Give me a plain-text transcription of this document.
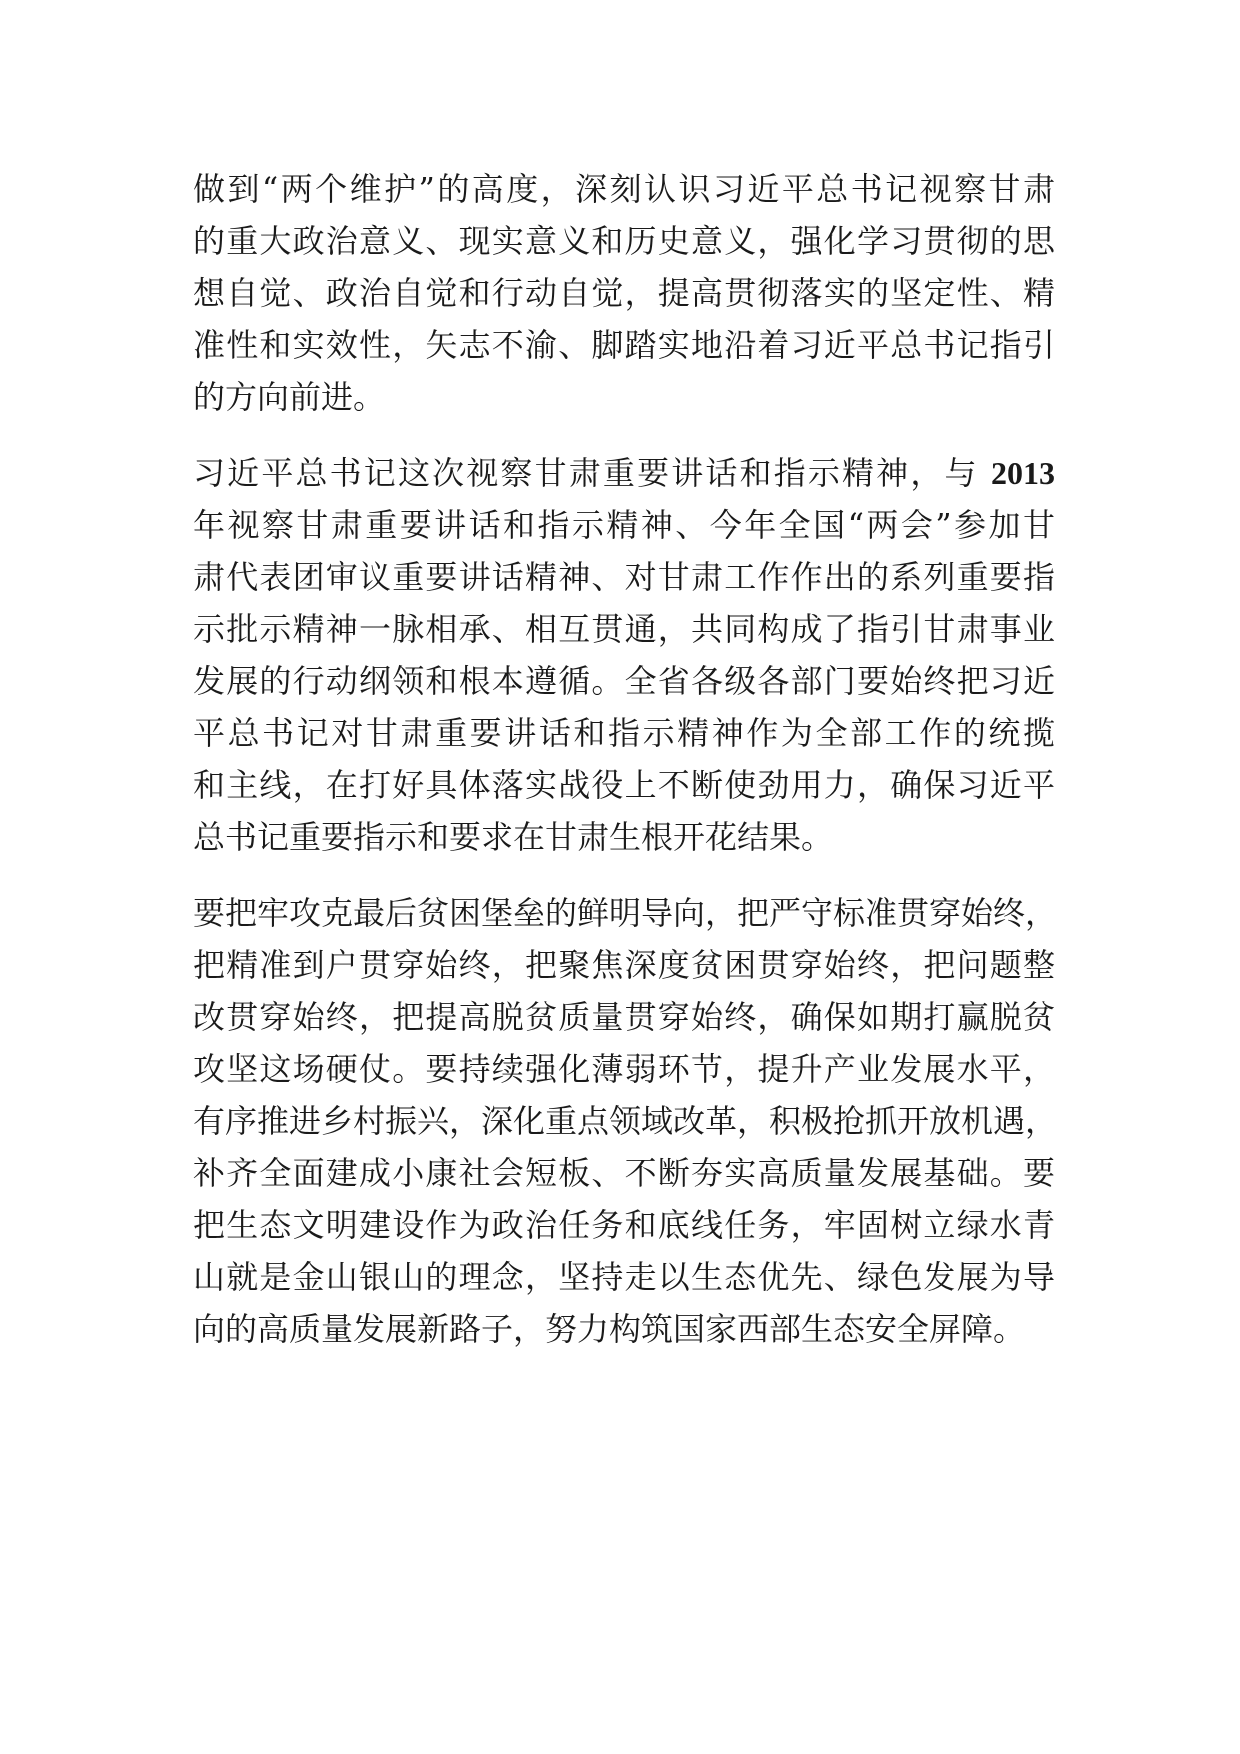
做到“两个维护”的高度，深刻认识习近平总书记视察甘肃
的重大政治意义、现实意义和历史意义，强化学习贯彻的思
想自觉、政治自觉和行动自觉，提高贯彻落实的坚定性、精
准性和实效性，矢志不渝、脚踏实地沿着习近平总书记指引
的方向前进。
习近平总书记这次视察甘肃重要讲话和指示精神，与 2013
年视察甘肃重要讲话和指示精神、今年全国“两会”参加甘
肃代表团审议重要讲话精神、对甘肃工作作出的系列重要指
示批示精神一脉相承、相互贯通，共同构成了指引甘肃事业
发展的行动纲领和根本遵循。全省各级各部门要始终把习近
平总书记对甘肃重要讲话和指示精神作为全部工作的统揽
和主线，在打好具体落实战役上不断使劲用力，确保习近平
总书记重要指示和要求在甘肃生根开花结果。
要把牢攻克最后贫困堡垒的鲜明导向，把严守标准贯穿始终，
把精准到户贯穿始终，把聚焦深度贫困贯穿始终，把问题整
改贯穿始终，把提高脱贫质量贯穿始终，确保如期打赢脱贫
攻坚这场硬仗。要持续强化薄弱环节，提升产业发展水平，
有序推进乡村振兴，深化重点领域改革，积极抢抓开放机遇，
补齐全面建成小康社会短板、不断夯实高质量发展基础。要
把生态文明建设作为政治任务和底线任务，牢固树立绿水青
山就是金山银山的理念，坚持走以生态优先、绿色发展为导
向的高质量发展新路子，努力构筑国家西部生态安全屏障。
